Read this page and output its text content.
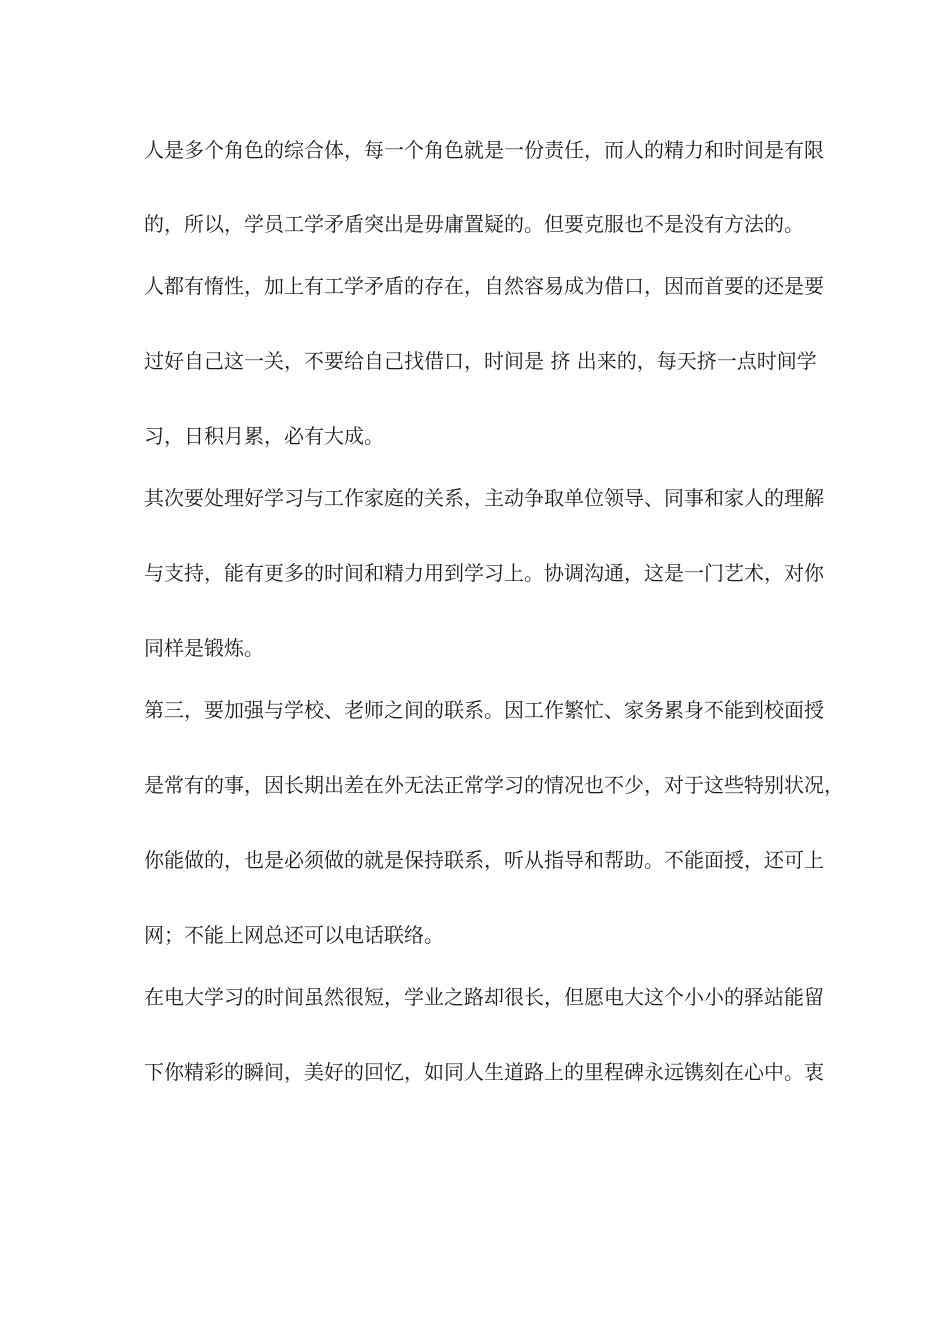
人是多个角色的综合体，每一个角色就是一份责任，而人的精力和时间是有限
的，所以，学员工学矛盾突出是毋庸置疑的。但要克服也不是没有方法的。
人都有惰性，加上有工学矛盾的存在，自然容易成为借口，因而首要的还是要
过好自己这一关，不要给自己找借口，时间是 挤 出来的，每天挤一点时间学
习，日积月累，必有大成。
其次要处理好学习与工作家庭的关系，主动争取单位领导、同事和家人的理解
与支持，能有更多的时间和精力用到学习上。协调沟通，这是一门艺术，对你
同样是锻炼。
第三，要加强与学校、老师之间的联系。因工作繁忙、家务累身不能到校面授
是常有的事，因长期出差在外无法正常学习的情况也不少，对于这些特别状况，
你能做的，也是必须做的就是保持联系，听从指导和帮助。不能面授，还可上
网；不能上网总还可以电话联络。
在电大学习的时间虽然很短，学业之路却很长，但愿电大这个小小的驿站能留
下你精彩的瞬间，美好的回忆，如同人生道路上的里程碑永远镌刻在心中。衷
